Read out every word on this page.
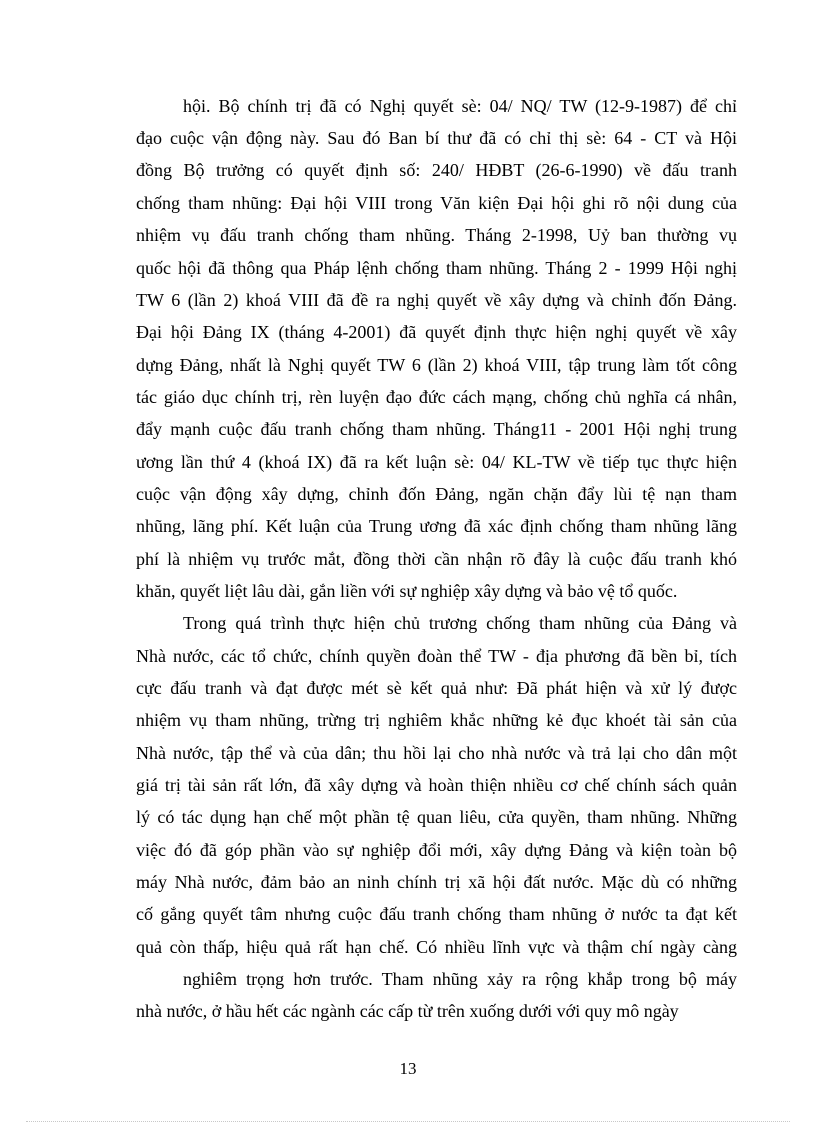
hội. Bộ chính trị đã có Nghị quyết sè: 04/ NQ/ TW (12-9-1987) để chỉ

đạo cuộc vận động này. Sau đó Ban bí thư đã có chỉ thị sè: 64 - CT và Hội

đồng Bộ trưởng có quyết định số: 240/ HĐBT (26-6-1990) về đấu tranh

chống tham nhũng: Đại hội VIII trong Văn kiện Đại hội ghi rõ nội dung của

nhiệm vụ đấu tranh chống tham nhũng. Tháng 2-1998, Uỷ ban thường vụ

quốc hội đã thông qua Pháp lệnh chống tham nhũng. Tháng 2 - 1999 Hội nghị

TW 6 (lần 2) khoá VIII đã đề ra nghị quyết về xây dựng và chỉnh đốn Đảng.

Đại hội Đảng IX (tháng 4-2001) đã quyết định thực hiện nghị quyết về xây

dựng Đảng, nhất là Nghị quyết TW 6 (lần 2) khoá VIII, tập trung làm tốt công

tác giáo dục chính trị, rèn luyện đạo đức cách mạng, chống chủ nghĩa cá nhân,

đẩy mạnh cuộc đấu tranh chống tham nhũng. Tháng11 - 2001 Hội nghị trung

ương lần thứ 4 (khoá IX) đã ra kết luận sè: 04/ KL-TW về tiếp tục thực hiện

cuộc vận động xây dựng, chỉnh đốn Đảng, ngăn chặn đẩy lùi tệ nạn tham

nhũng, lãng phí. Kết luận của Trung ương đã xác định chống tham nhũng lãng

phí là nhiệm vụ trước mắt, đồng thời cần nhận rõ đây là cuộc đấu tranh khó

khăn, quyết liệt lâu dài, gắn liền với sự nghiệp xây dựng và bảo vệ tổ quốc.

Trong quá trình thực hiện chủ trương chống tham nhũng của Đảng và

Nhà nước, các tổ chức, chính quyền đoàn thể TW - địa phương đã bền bỉ, tích

cực đấu tranh và đạt được mét sè kết quả như: Đã phát hiện và xử lý được

nhiệm vụ tham nhũng, trừng trị nghiêm khắc những kẻ đục khoét tài sản của

Nhà nước, tập thể và của dân; thu hồi lại cho nhà nước và trả lại cho dân một

giá trị tài sản rất lớn, đã xây dựng và hoàn thiện nhiều cơ chế chính sách quản

lý có tác dụng hạn chế một phần tệ quan liêu, cửa quyền, tham nhũng. Những

việc đó đã góp phần vào sự nghiệp đổi mới, xây dựng Đảng và kiện toàn bộ

máy Nhà nước, đảm bảo an ninh chính trị xã hội đất nước. Mặc dù có những

cố gắng quyết tâm nhưng cuộc đấu tranh chống tham nhũng ở nước ta đạt kết

quả còn thấp, hiệu quả rất hạn chế. Có nhiều lĩnh vực và thậm chí ngày càng

nghiêm trọng hơn trước. Tham nhũng xảy ra rộng khắp trong bộ máy

nhà nước, ở hầu hết các ngành các cấp từ trên xuống dưới với quy mô ngày

13
